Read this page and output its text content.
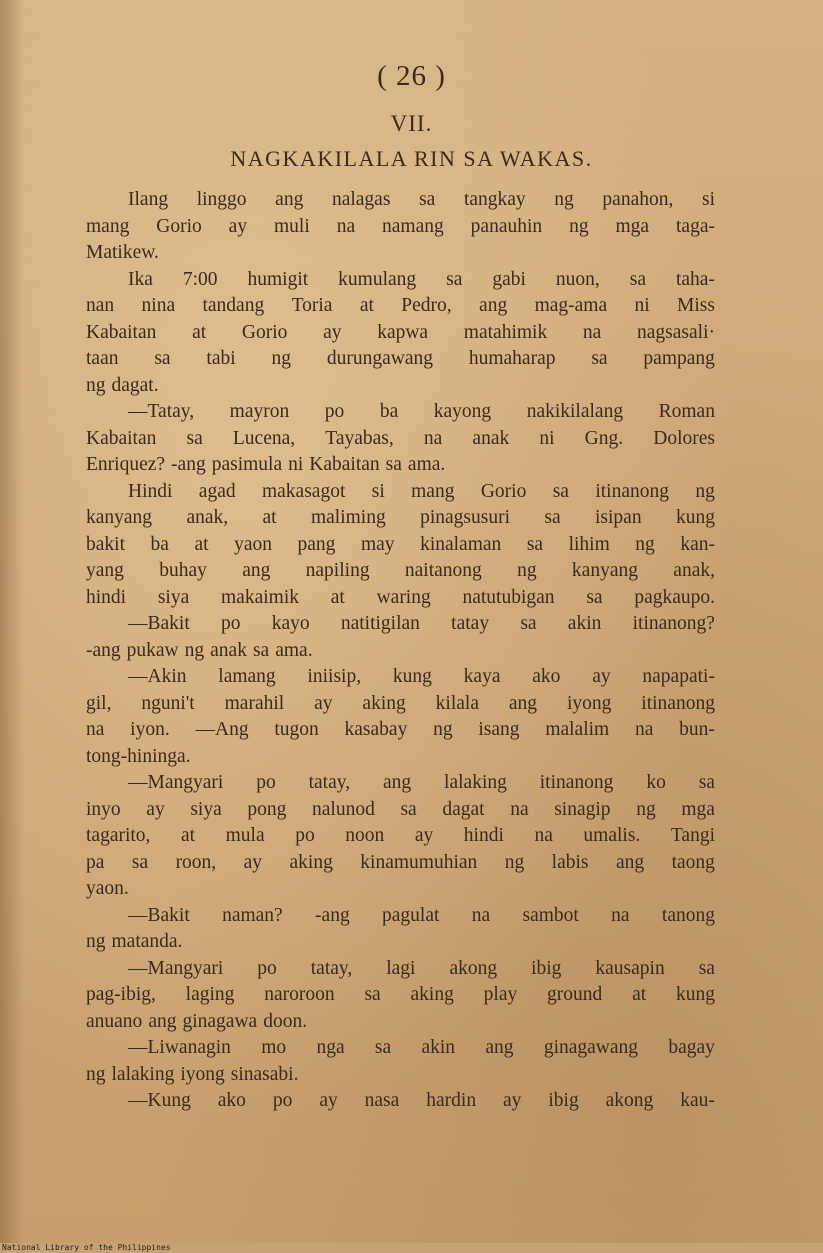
( 26 )
VII.
NAGKAKILALA RIN SA WAKAS.
Ilang linggo ang nalagas sa tangkay ng panahon, si
mang Gorio ay muli na namang panauhin ng mga taga-
Matikew.
Ika 7:00 humigit kumulang sa gabi nuon, sa taha-
nan nina tandang Toria at Pedro, ang mag-ama ni Miss
Kabaitan at Gorio ay kapwa matahimik na nagsasali·
taan sa tabi ng durungawang humaharap sa pampang
ng dagat.
—Tatay, mayron po ba kayong nakikilalang Roman
Kabaitan sa Lucena, Tayabas, na anak ni Gng. Dolores
Enriquez? -ang pasimula ni Kabaitan sa ama.
Hindi agad makasagot si mang Gorio sa itinanong ng
kanyang anak, at maliming pinagsusuri sa isipan kung
bakit ba at yaon pang may kinalaman sa lihim ng kan-
yang buhay ang napiling naitanong ng kanyang anak,
hindi siya makaimik at waring natutubigan sa pagkaupo.
—Bakit po kayo natitigilan tatay sa akin itinanong?
-ang pukaw ng anak sa ama.
—Akin lamang iniisip, kung kaya ako ay napapati-
gil, nguni't marahil ay aking kilala ang iyong itinanong
na iyon. —Ang tugon kasabay ng isang malalim na bun-
tong-hininga.
—Mangyari po tatay, ang lalaking itinanong ko sa
inyo ay siya pong nalunod sa dagat na sinagip ng mga
tagarito, at mula po noon ay hindi na umalis. Tangi
pa sa roon, ay aking kinamumuhian ng labis ang taong
yaon.
—Bakit naman? -ang pagulat na sambot na tanong
ng matanda.
—Mangyari po tatay, lagi akong ibig kausapin sa
pag-ibig, laging naroroon sa aking play ground at kung
anuano ang ginagawa doon.
—Liwanagin mo nga sa akin ang ginagawang bagay
ng lalaking iyong sinasabi.
—Kung ako po ay nasa hardin ay ibig akong kau-
National Library of the Philippines
